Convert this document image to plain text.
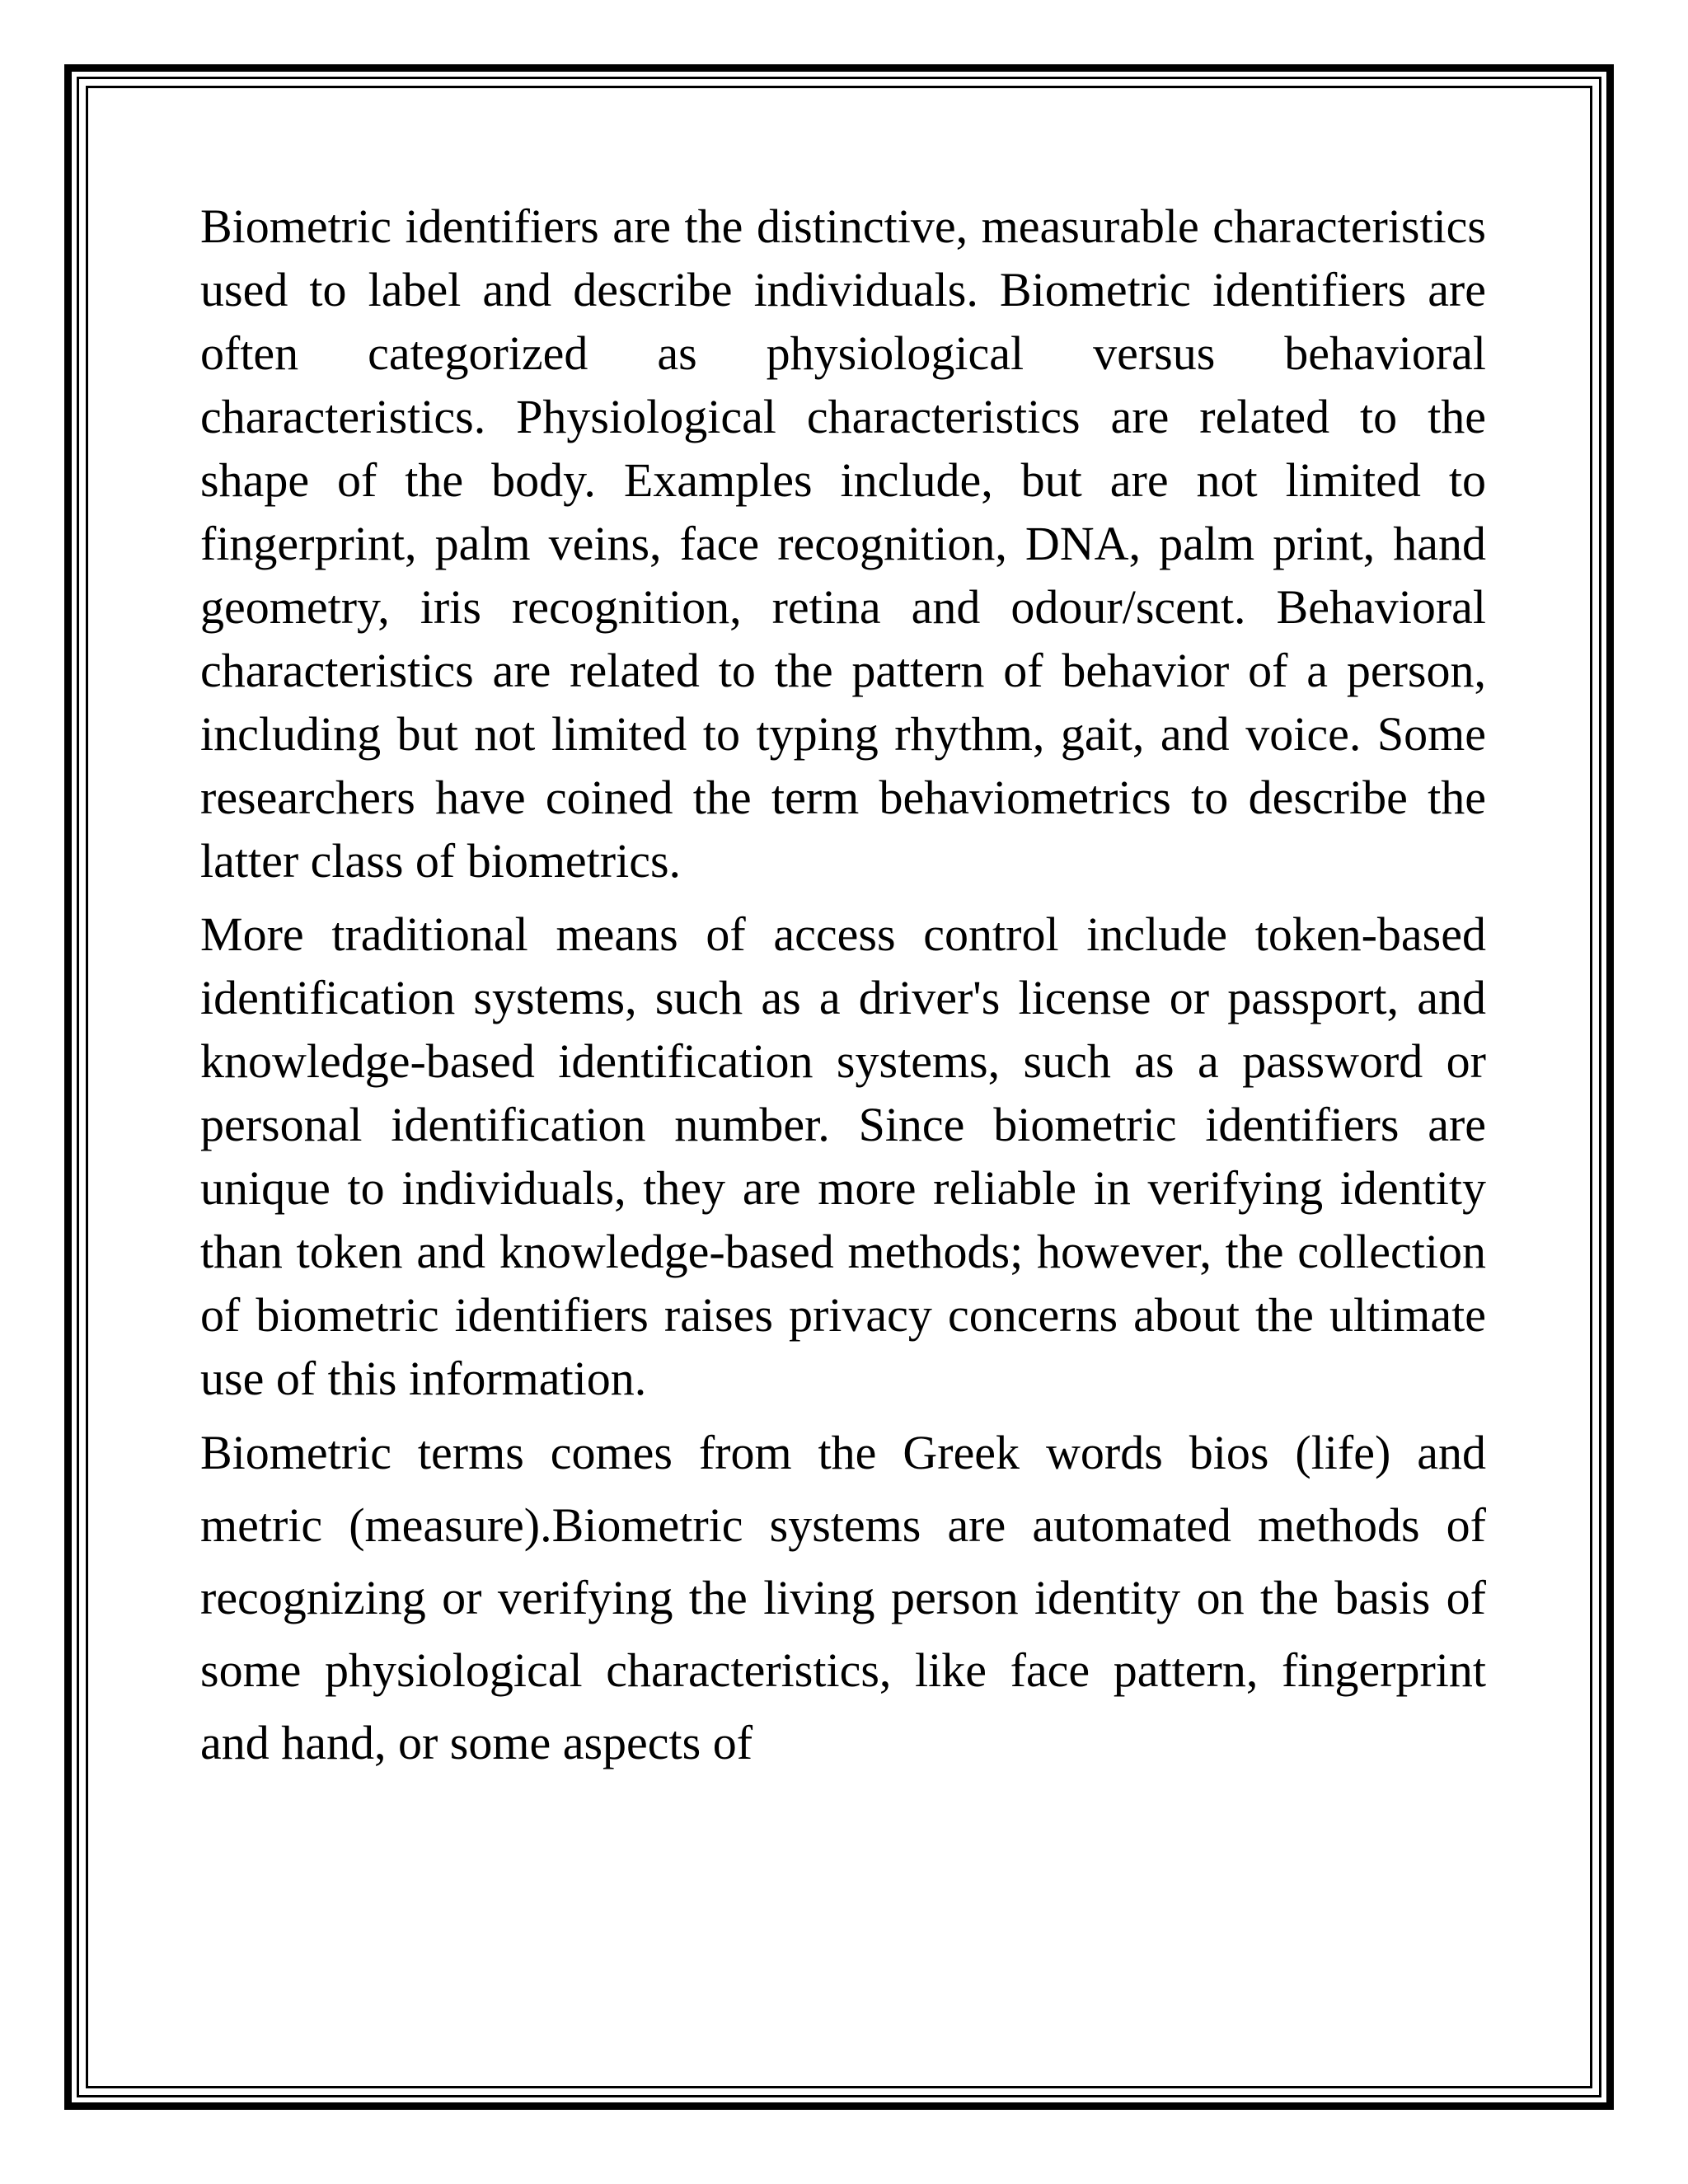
Biometric identifiers are the distinctive, measurable characteristics used to label and describe individuals. Biometric identifiers are often categorized as physiological versus behavioral characteristics. Physiological characteristics are related to the shape of the body. Examples include, but are not limited to fingerprint, palm veins, face recognition, DNA, palm print, hand geometry, iris recognition, retina and odour/scent. Behavioral characteristics are related to the pattern of behavior of a person, including but not limited to typing rhythm, gait, and voice. Some researchers have coined the term behaviometrics to describe the latter class of biometrics.

More traditional means of access control include token-based identification systems, such as a driver's license or passport, and knowledge-based identification systems, such as a password or personal identification number. Since biometric identifiers are unique to individuals, they are more reliable in verifying identity than token and knowledge-based methods; however, the collection of biometric identifiers raises privacy concerns about the ultimate use of this information.

Biometric terms comes from the Greek words bios (life) and metric (measure).Biometric systems are automated methods of recognizing or verifying the living person identity on the basis of some physiological characteristics, like face pattern, fingerprint and hand, or some aspects of
